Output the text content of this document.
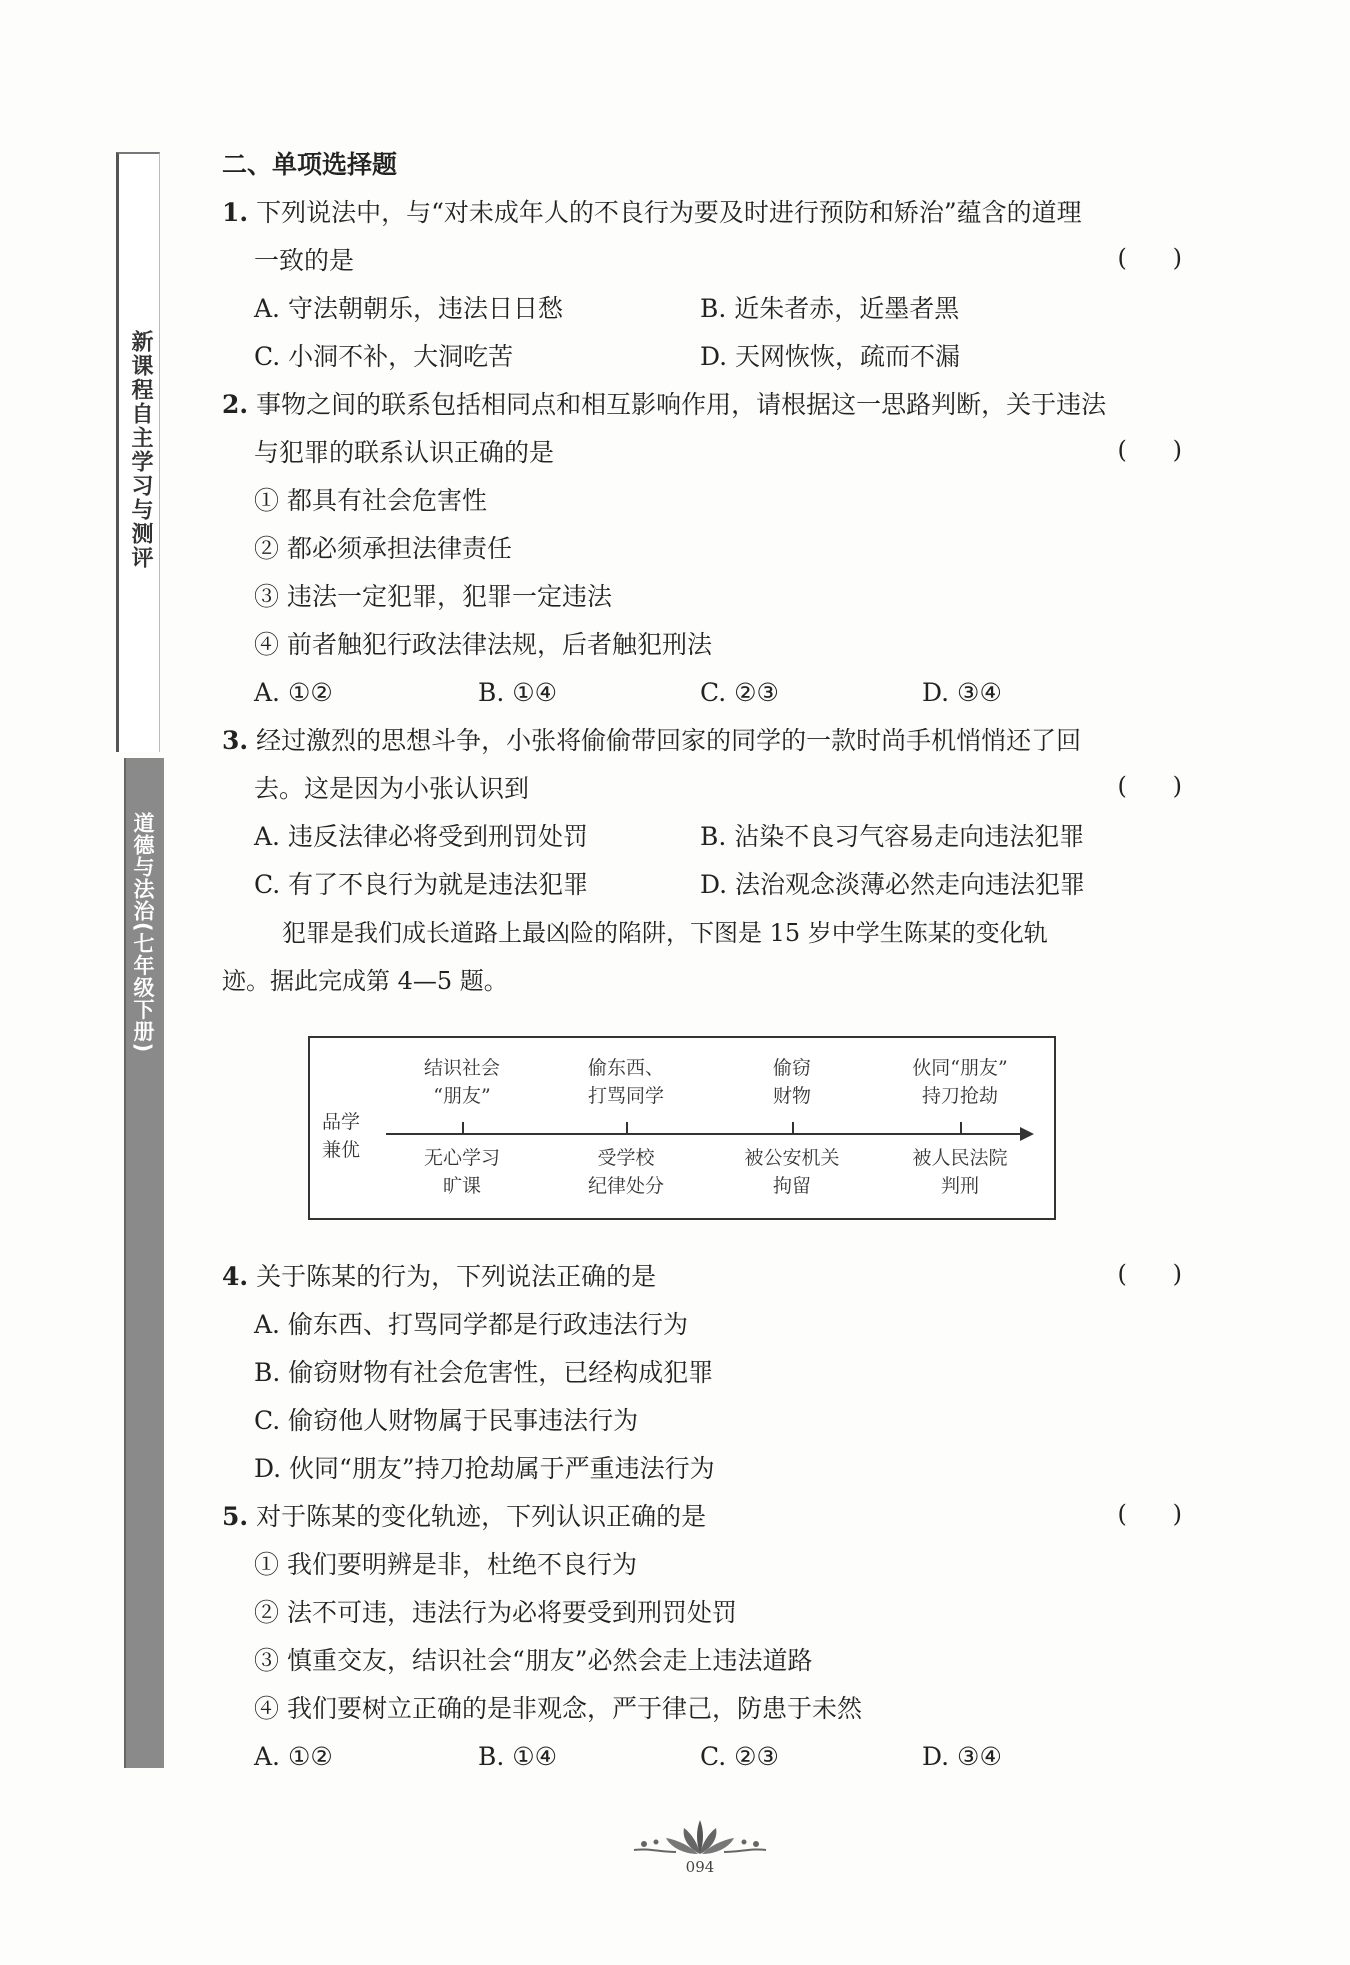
新课程自主学习与测评
道德与法治(七年级下册)
二、单项选择题
1. 下列说法中，与“对未成年人的不良行为要及时进行预防和矫治”蕴含的道理
一致的是	(      )
A. 守法朝朝乐，违法日日愁	B. 近朱者赤，近墨者黑
C. 小洞不补，大洞吃苦	D. 天网恢恢，疏而不漏
2. 事物之间的联系包括相同点和相互影响作用，请根据这一思路判断，关于违法
与犯罪的联系认识正确的是	(      )
① 都具有社会危害性
② 都必须承担法律责任
③ 违法一定犯罪，犯罪一定违法
④ 前者触犯行政法律法规，后者触犯刑法
A. ①②	B. ①④	C. ②③	D. ③④
3. 经过激烈的思想斗争，小张将偷偷带回家的同学的一款时尚手机悄悄还了回
去。这是因为小张认识到	(      )
A. 违反法律必将受到刑罚处罚	B. 沾染不良习气容易走向违法犯罪
C. 有了不良行为就是违法犯罪	D. 法治观念淡薄必然走向违法犯罪
犯罪是我们成长道路上最凶险的陷阱，下图是 15 岁中学生陈某的变化轨
迹。据此完成第 4—5 题。
品学
兼优
结识社会
“朋友”
偷东西、
打骂同学
偷窃
财物
伙同“朋友”
持刀抢劫
无心学习
旷课
受学校
纪律处分
被公安机关
拘留
被人民法院
判刑
4. 关于陈某的行为，下列说法正确的是	(      )
A. 偷东西、打骂同学都是行政违法行为
B. 偷窃财物有社会危害性，已经构成犯罪
C. 偷窃他人财物属于民事违法行为
D. 伙同“朋友”持刀抢劫属于严重违法行为
5. 对于陈某的变化轨迹，下列认识正确的是	(      )
① 我们要明辨是非，杜绝不良行为
② 法不可违，违法行为必将要受到刑罚处罚
③ 慎重交友，结识社会“朋友”必然会走上违法道路
④ 我们要树立正确的是非观念，严于律己，防患于未然
A. ①②	B. ①④	C. ②③	D. ③④
094
